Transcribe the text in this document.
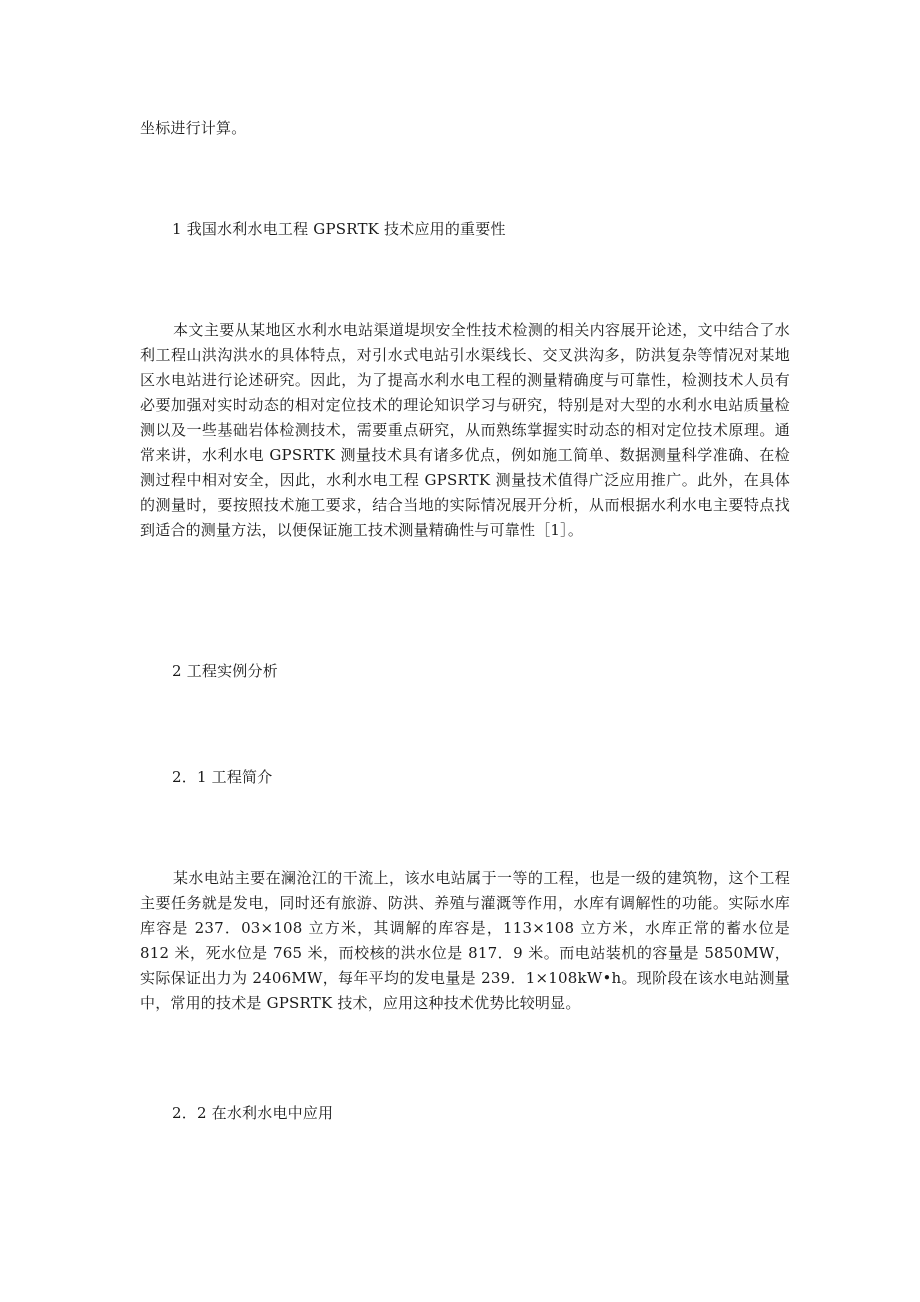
坐标进行计算。

1 我国水利水电工程 GPSRTK 技术应用的重要性

本文主要从某地区水利水电站渠道堤坝安全性技术检测的相关内容展开论述，文中结合了水利工程山洪沟洪水的具体特点，对引水式电站引水渠线长、交叉洪沟多，防洪复杂等情况对某地区水电站进行论述研究。因此，为了提高水利水电工程的测量精确度与可靠性，检测技术人员有必要加强对实时动态的相对定位技术的理论知识学习与研究，特别是对大型的水利水电站质量检测以及一些基础岩体检测技术，需要重点研究，从而熟练掌握实时动态的相对定位技术原理。通常来讲，水利水电 GPSRTK 测量技术具有诸多优点，例如施工简单、数据测量科学准确、在检测过程中相对安全，因此，水利水电工程 GPSRTK 测量技术值得广泛应用推广。此外，在具体的测量时，要按照技术施工要求，结合当地的实际情况展开分析，从而根据水利水电主要特点找到适合的测量方法，以便保证施工技术测量精确性与可靠性［1］。

2 工程实例分析

2．1 工程简介

某水电站主要在澜沧江的干流上，该水电站属于一等的工程，也是一级的建筑物，这个工程主要任务就是发电，同时还有旅游、防洪、养殖与灌溉等作用，水库有调解性的功能。实际水库库容是 237．03×108 立方米，其调解的库容是，113×108 立方米，水库正常的蓄水位是 812 米，死水位是 765 米，而校核的洪水位是 817．9 米。而电站装机的容量是 5850MW，实际保证出力为 2406MW，每年平均的发电量是 239．1×108kW•h。现阶段在该水电站测量中，常用的技术是 GPSRTK 技术，应用这种技术优势比较明显。

2．2 在水利水电中应用
